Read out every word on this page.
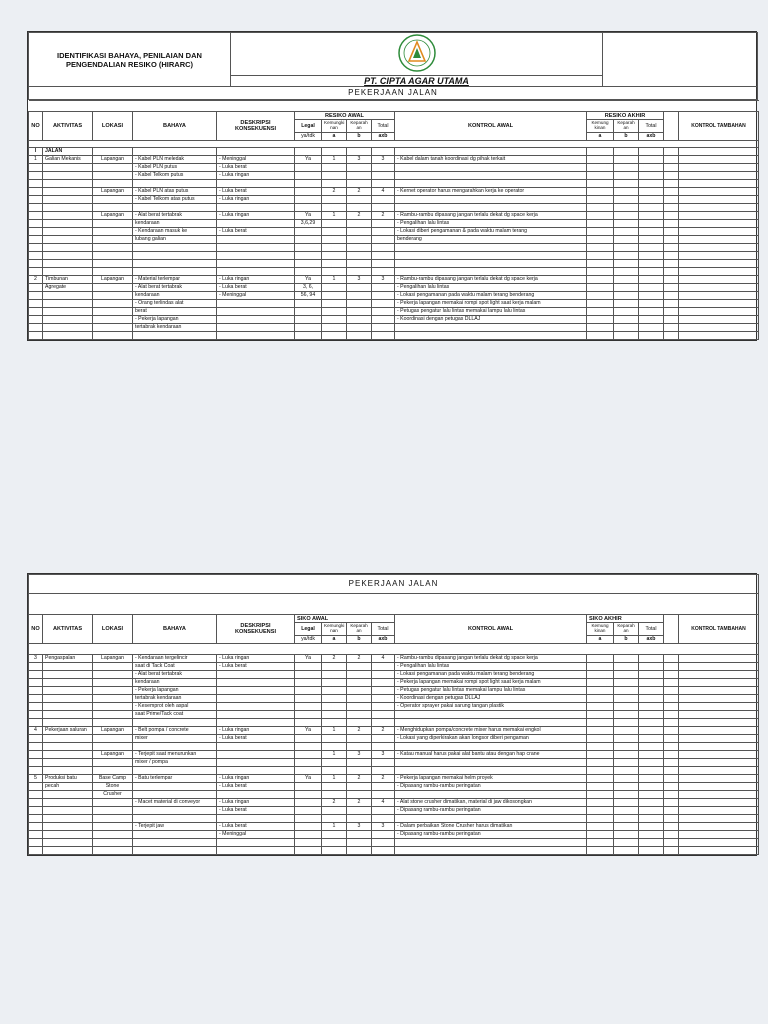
IDENTIFIKASI BAHAYA, PENILAIAN DAN
PENGENDALIAN RESIKO (HIRARC)		
PT. CIPTA AGAR UTAMA
PEKERJAAN JALAN

NO	AKTIVITAS	LOKASI	BAHAYA	DESKRIPSI
KONSEKUENSI	RESIKO AWAL				KONTROL AWAL	RESIKO AKHIR				KONTROL TAMBAHAN
					Legal	Kemungki nan	Keparah an	Total		Kemung kinan	Keparah an	Total		
					ya/tdk	a	b	axb		a	b	axb		

I	JALAN													
1	Galian Mekanis	Lapangan	- Kabel PLN meledak	- Meninggal	Ya	1	3	3	- Kabel dalam tanah koordinasi dg pihak terkait					
			- Kabel PLN putus	- Luka berat										
			- Kabel Telkom putus	- Luka ringan										

		Lapangan	- Kabel PLN atas putus	- Luka berat		2	2	4	- Kernet operator harus mengarahkan kerja ke operator					
			- Kabel Telkom atas putus	- Luka ringan										

		Lapangan	- Alat berat tertabrak	- Luka ringan	Ya	1	2	2	- Rambu-rambu dipasang jangan terlalu dekat dg space kerja					
			kendaraan		3,6,29				- Pengalihan lalu lintas					
			- Kendaraan masuk ke	- Luka berat					- Lokasi diberi pengamanan & pada waktu malam terang					
			lubang galian						benderang					

2	Timbunan	Lapangan	- Material terlempar	- Luka ringan	Ya	1	3	3	- Rambu-rambu dipasang jangan terlalu dekat dg space kerja					
	Agregate		- Alat berat tertabrak	- Luka berat	3, 6,				- Pengalihan lalu lintas					
			kendaraan	- Meninggal	56, 94				- Lokasi pengamanan pada waktu malam terang benderang					
			- Orang terlindas alat						- Pekerja lapangan memakai rompi spot light saat kerja malam					
			berat						- Petugas pengatur lalu lintas memakai lampu lalu lintas					
			- Pekerja lapangan						- Koordinasi dengan petugas DLLAJ					
			tertabrak kendaraan											

PEKERJAAN JALAN														

NO	AKTIVITAS	LOKASI	BAHAYA	DESKRIPSI
KONSEKUENSI	SIKO AWAL				KONTROL AWAL	SIKO AKHIR				KONTROL TAMBAHAN
					Legal	Kemungki nan	Keparah an	Total		Kemung kinan	Keparah an	Total		
					ya/tdk	a	b	axb		a	b	axb		

3	Pengaspalan	Lapangan	- Kendaraan tergelincir	- Luka ringan	Ya	2	2	4	- Rambu-rambu dipasang jangan terlalu dekat dg space kerja					
			saat di Tack Coat	- Luka berat					- Pengalihan lalu lintas					
			- Alat berat tertabrak						- Lokasi pengamanan pada waktu malam terang benderang					
			kendaraan						- Pekerja lapangan memakai rompi spot light saat kerja malam					
			- Pekerja lapangan						- Petugas pengatur lalu lintas memakai lampu lalu lintas					
			tertabrak kendaraan						- Koordinasi dengan petugas DLLAJ					
			- Kesemprot oleh aspal						- Operator sprayer pakai sarung tangan plastik					
			saat Prime/Tack coat											

4	Pekerjaan saluran	Lapangan	- Belt pompa / concrete	- Luka ringan	Ya	1	2	2	- Menghidupkan pompa/concrete mixer harus memakai engkol					
			mixer	- Luka berat					- Lokasi yang diperkirakan akan longsor diberi pengaman					

		Lapangan	- Terjepit saat menurunkan			1	3	3	- Katau manual harus pakai alat bantu atau dengan hap crane					
			mixer / pompa											

5	Produksi batu	Base Camp	- Batu terlempar	- Luka ringan	Ya	1	2	2	- Pekerja lapangan memakai helm proyek					
	pecah	Stone		- Luka berat					- Dipasang rambu-rambu peringatan					
		Crusher												
			- Macet material di conveyor	- Luka ringan		2	2	4	- Alat stone crusher dimatikan, material di jaw dikosongkan					
				- Luka berat					- Dipasang rambu-rambu peringatan					

			- Terjepit jaw	- Luka berat		1	3	3	- Dalam perbaikan Stone Crusher harus dimatikan					
				- Meninggal					- Dipasang rambu-rambu peringatan					
